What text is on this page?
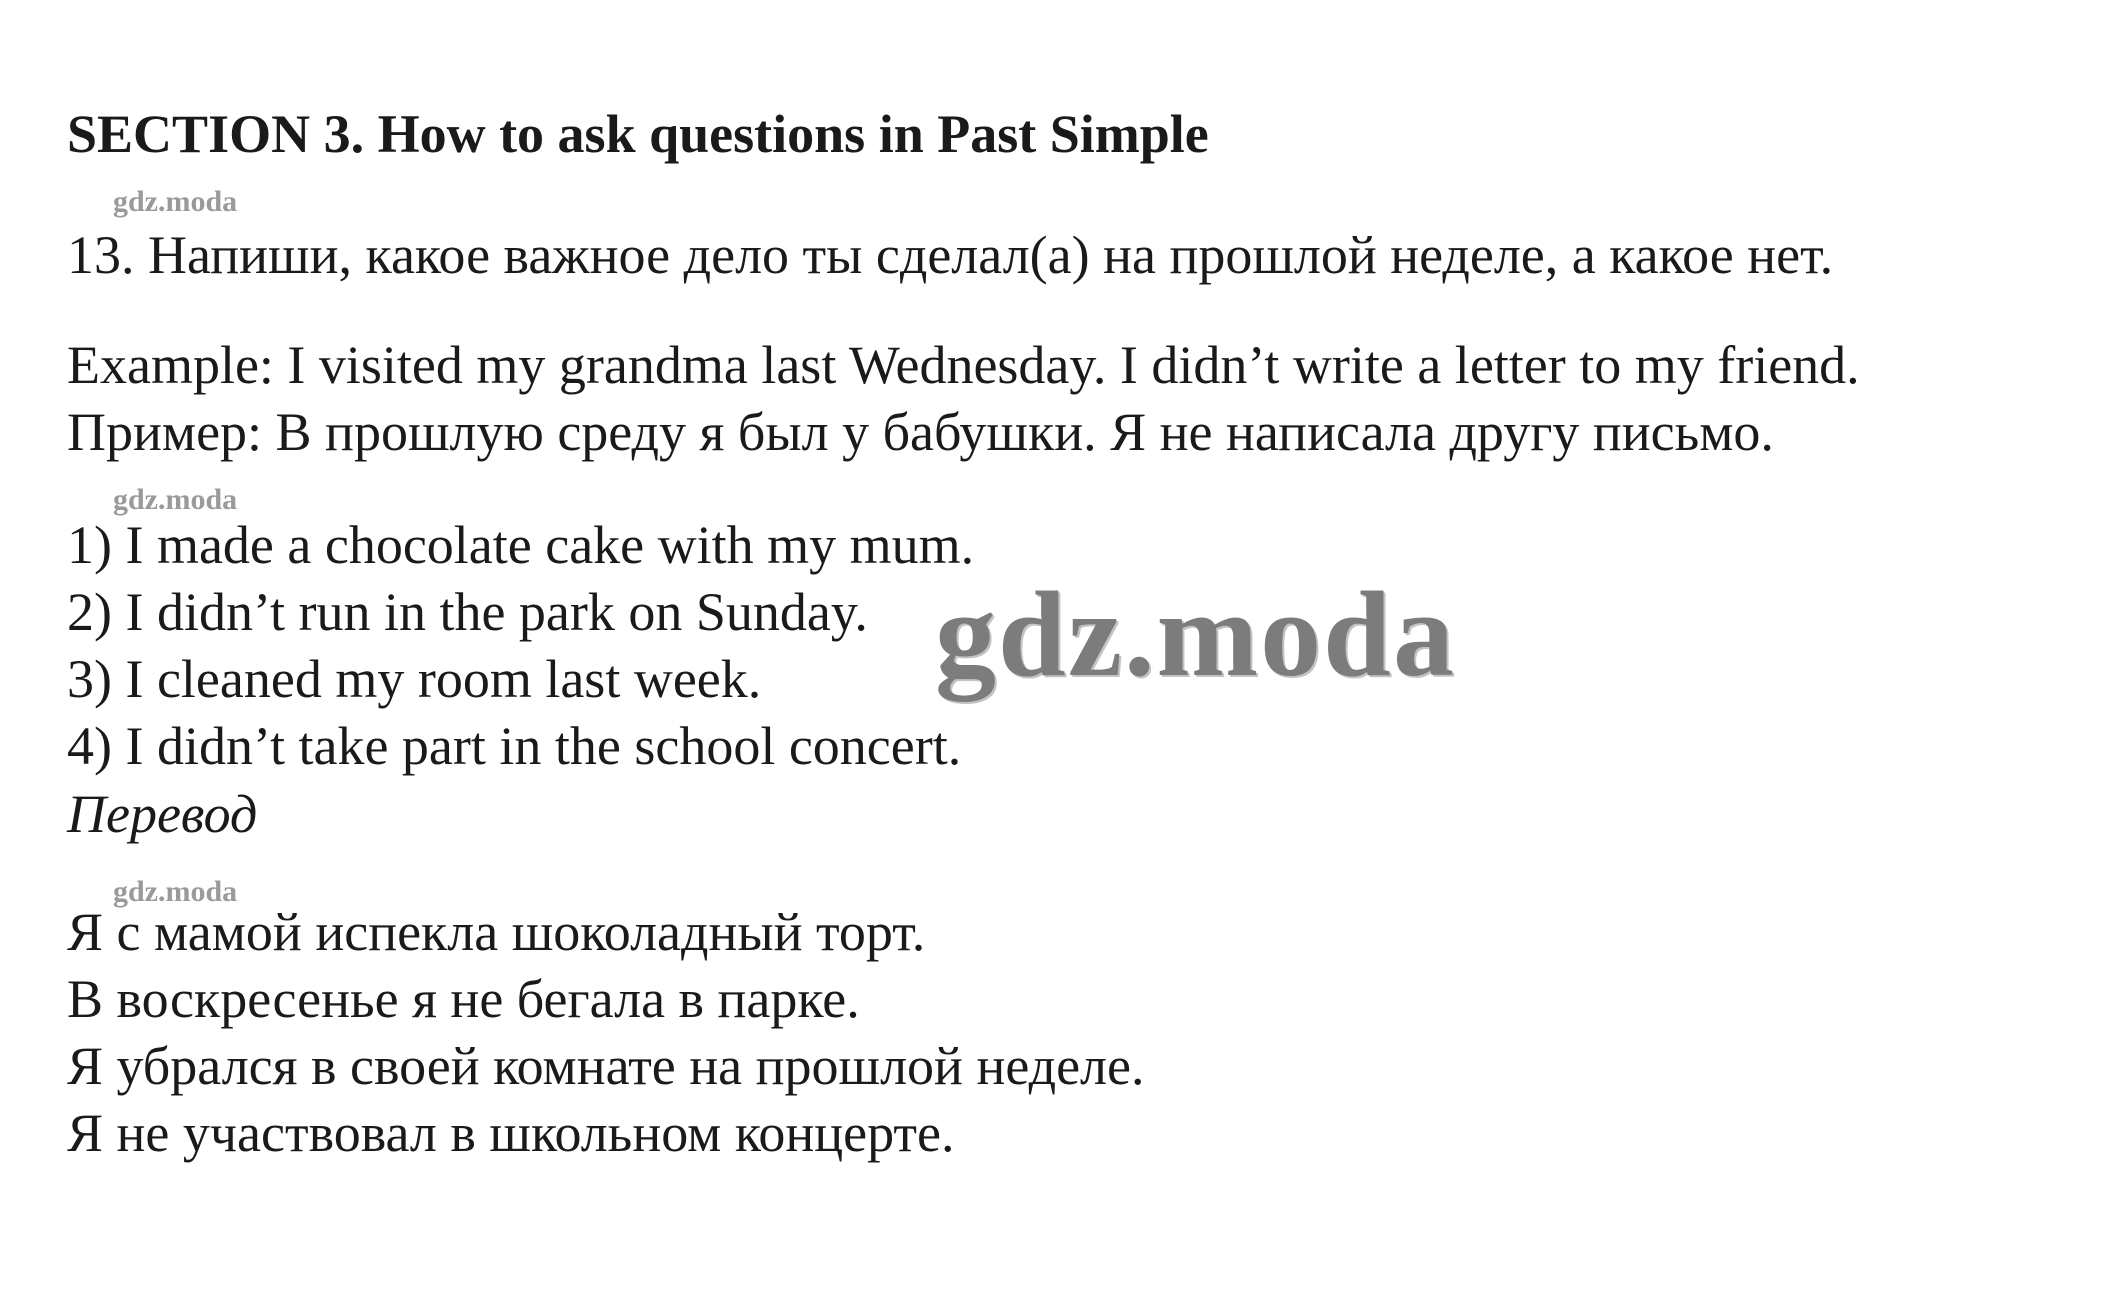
SECTION 3. How to ask questions in Past Simple
gdz.moda
13. Напиши, какое важное дело ты сделал(а) на прошлой неделе, а какое нет.
Example: I visited my grandma last Wednesday. I didn’t write a letter to my friend.
Пример: В прошлую среду я был у бабушки. Я не написала другу письмо.
gdz.moda
1) I made a chocolate cake with my mum.
2) I didn’t run in the park on Sunday.
3) I cleaned my room last week.
4) I didn’t take part in the school concert.
Перевод
gdz.moda
Я с мамой испекла шоколадный торт.
В воскресенье я не бегала в парке.
Я убрался в своей комнате на прошлой неделе.
Я не участвовал в школьном концерте.
gdz.moda
